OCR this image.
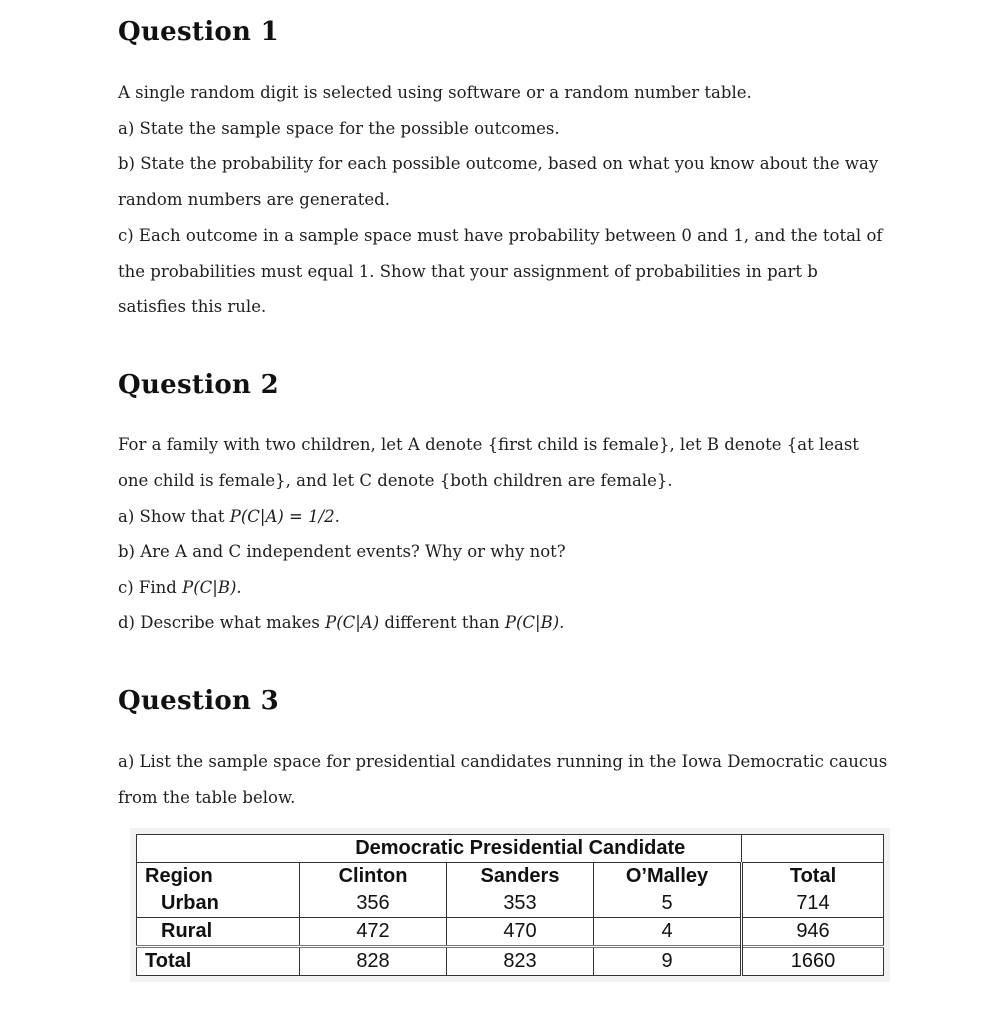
Question 1

A single random digit is selected using software or a random number table.

a) State the sample space for the possible outcomes.

b) State the probability for each possible outcome, based on what you know about the way random numbers are generated.

c) Each outcome in a sample space must have probability between 0 and 1, and the total of the probabilities must equal 1. Show that your assignment of probabilities in part b satisfies this rule.

Question 2

For a family with two children, let A denote {first child is female}, let B denote {at least one child is female}, and let C denote {both children are female}.

a) Show that P(C|A) = 1/2.

b) Are A and C independent events? Why or why not?

c) Find P(C|B).

d) Describe what makes P(C|A) different than P(C|B).

Question 3

a) List the sample space for presidential candidates running in the Iowa Democratic caucus from the table below.

	Democratic Presidential Candidate			
Region	Clinton	Sanders	O’Malley	Total
Urban	356	353	5	714
Rural	472	470	4	946
Total	828	823	9	1660
